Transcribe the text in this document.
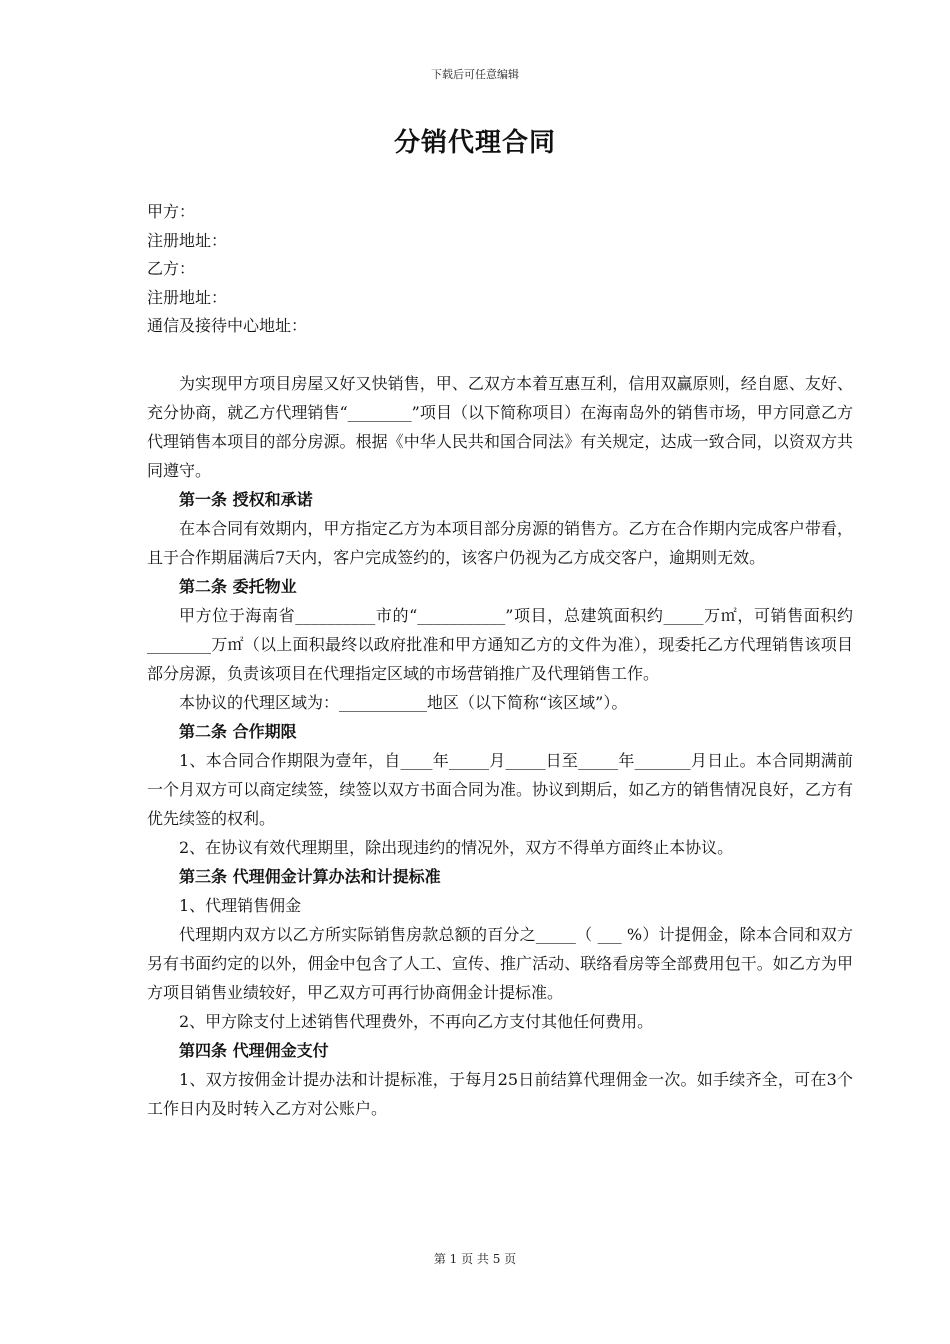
下载后可任意编辑
分销代理合同
甲方：
注册地址：
乙方：
注册地址：
通信及接待中心地址：

为实现甲方项目房屋又好又快销售，甲、乙双方本着互惠互利，信用双赢原则，经自愿、友好、充分协商，就乙方代理销售“________”项目（以下简称项目）在海南岛外的销售市场，甲方同意乙方代理销售本项目的部分房源。根据《中华人民共和国合同法》有关规定，达成一致合同，以资双方共同遵守。

第一条 授权和承诺

在本合同有效期内，甲方指定乙方为本项目部分房源的销售方。乙方在合作期内完成客户带看，且于合作期届满后7天内，客户完成签约的，该客户仍视为乙方成交客户，逾期则无效。

第二条 委托物业

甲方位于海南省__________市的“___________”项目，总建筑面积约_____万㎡，可销售面积约________万㎡（以上面积最终以政府批准和甲方通知乙方的文件为准），现委托乙方代理销售该项目部分房源，负责该项目在代理指定区域的市场营销推广及代理销售工作。

本协议的代理区域为：___________地区（以下简称“该区域”）。

第二条 合作期限

1、本合同合作期限为壹年，自____年_____月_____日至_____年_______月日止。本合同期满前一个月双方可以商定续签，续签以双方书面合同为准。协议到期后，如乙方的销售情况良好，乙方有优先续签的权利。

2、在协议有效代理期里，除出现违约的情况外，双方不得单方面终止本协议。

第三条 代理佣金计算办法和计提标准

1、代理销售佣金

代理期内双方以乙方所实际销售房款总额的百分之_____（ ___ %）计提佣金，除本合同和双方另有书面约定的以外，佣金中包含了人工、宣传、推广活动、联络看房等全部费用包干。如乙方为甲方项目销售业绩较好，甲乙双方可再行协商佣金计提标准。

2、甲方除支付上述销售代理费外，不再向乙方支付其他任何费用。

第四条 代理佣金支付

1、双方按佣金计提办法和计提标准，于每月25日前结算代理佣金一次。如手续齐全，可在3个工作日内及时转入乙方对公账户。

第 1 页 共 5 页
